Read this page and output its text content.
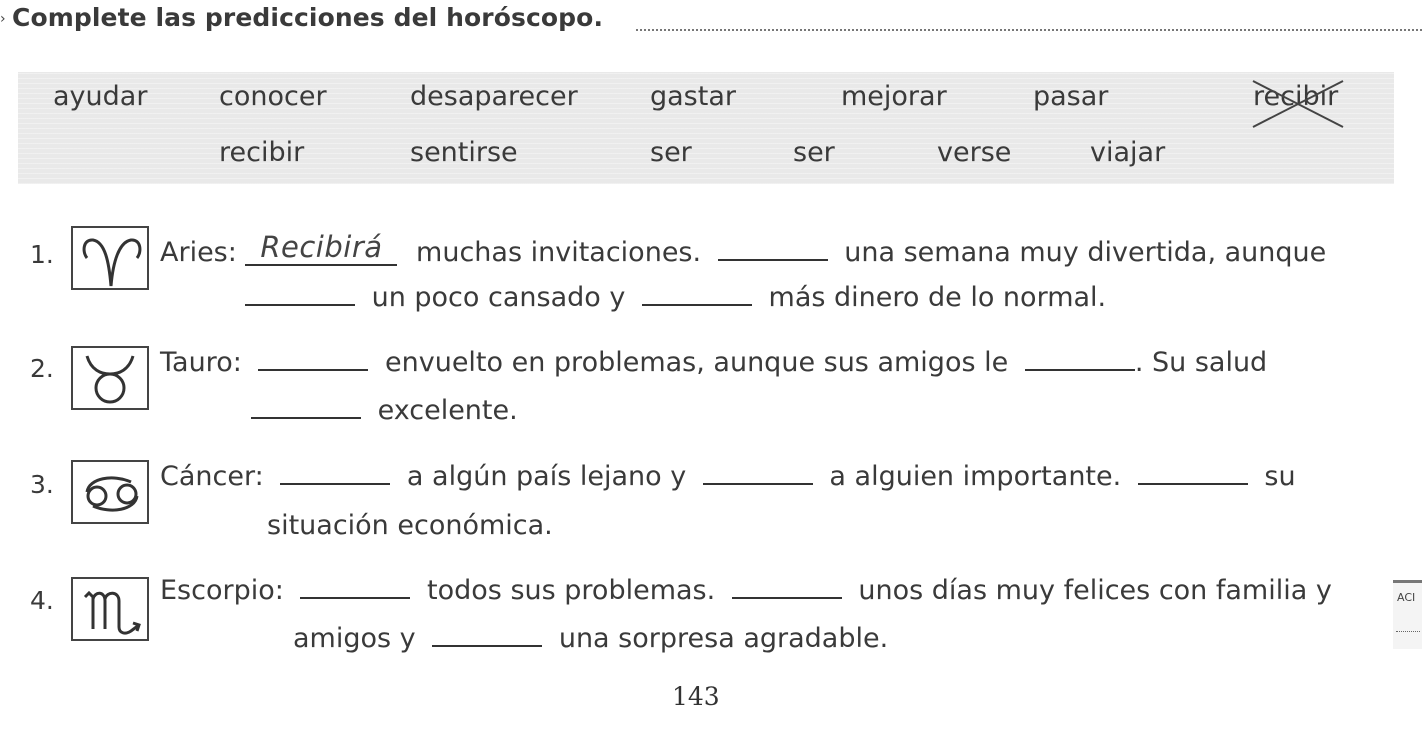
› Complete las predicciones del horóscopo.
ayudar	conocer	desaparecer	gastar	mejorar	pasar	recibir
recibir	sentirse	ser	ser	verse	viajar
1.	Aries: Recibirá muchas invitaciones.	una semana muy divertida, aunque
un poco cansado y	más dinero de lo normal.
2.	Tauro:	envuelto en problemas, aunque sus amigos le	. Su salud
excelente.
3.	Cáncer:	a algún país lejano y	a alguien importante.	su
situación económica.
4.	Escorpio:	todos sus problemas.	unos días muy felices con familia y
amigos y	una sorpresa agradable.
143
ACI
